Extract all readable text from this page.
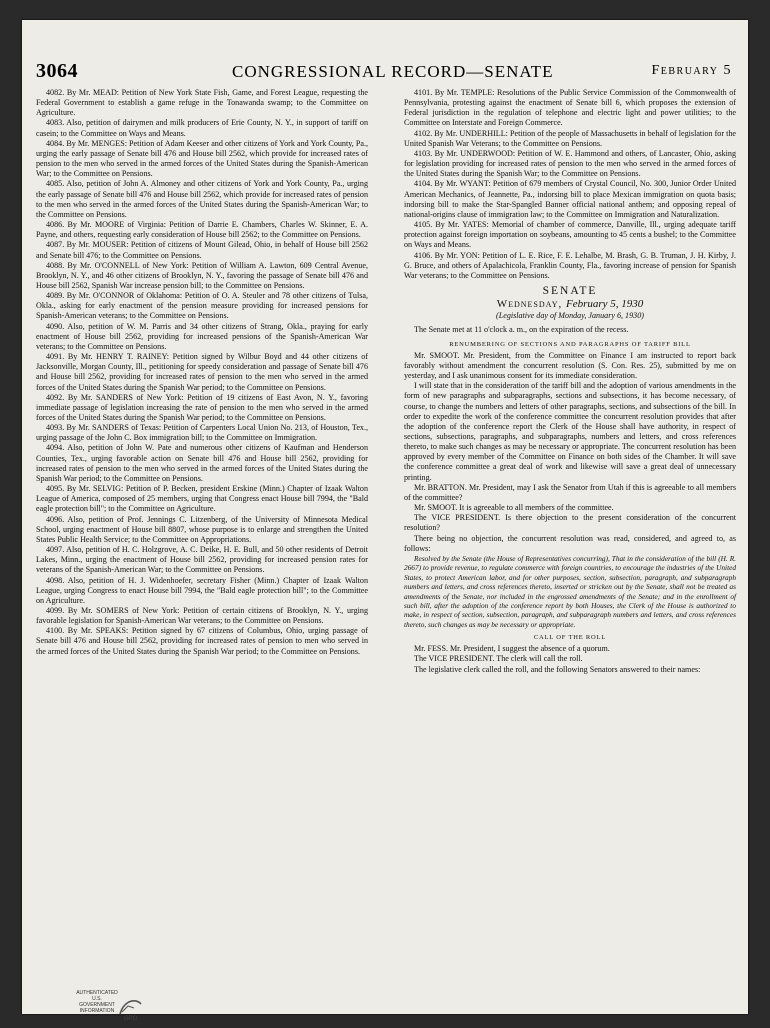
3064	CONGRESSIONAL RECORD—SENATE	February 5

4082. By Mr. MEAD: Petition of New York State Fish, Game, and Forest League, requesting the Federal Government to establish a game refuge in the Tonawanda swamp; to the Committee on Agriculture.

4083. Also, petition of dairymen and milk producers of Erie County, N. Y., in support of tariff on casein; to the Committee on Ways and Means.

4084. By Mr. MENGES: Petition of Adam Keeser and other citizens of York and York County, Pa., urging the early passage of Senate bill 476 and House bill 2562, which provide for increased rates of pension to the men who served in the armed forces of the United States during the Spanish-American War; to the Committee on Pensions.

4085. Also, petition of John A. Almoney and other citizens of York and York County, Pa., urging the early passage of Senate bill 476 and House bill 2562, which provide for increased rates of pension to the men who served in the armed forces of the United States during the Spanish-American War; to the Committee on Pensions.

4086. By Mr. MOORE of Virginia: Petition of Darrie E. Chambers, Charles W. Skinner, E. A. Payne, and others, requesting early consideration of House bill 2562; to the Committee on Pensions.

4087. By Mr. MOUSER: Petition of citizens of Mount Gilead, Ohio, in behalf of House bill 2562 and Senate bill 476; to the Committee on Pensions.

4088. By Mr. O'CONNELL of New York: Petition of William A. Lawton, 609 Central Avenue, Brooklyn, N. Y., and 46 other citizens of Brooklyn, N. Y., favoring the passage of Senate bill 476 and House bill 2562, Spanish War increase pension bill; to the Committee on Pensions.

4089. By Mr. O'CONNOR of Oklahoma: Petition of O. A. Steuler and 78 other citizens of Tulsa, Okla., asking for early enactment of the pension measure providing for increased pensions for Spanish-American veterans; to the Committee on Pensions.

4090. Also, petition of W. M. Parris and 34 other citizens of Strang, Okla., praying for early enactment of House bill 2562, providing for increased pensions of the Spanish-American War veterans; to the Committee on Pensions.

4091. By Mr. HENRY T. RAINEY: Petition signed by Wilbur Boyd and 44 other citizens of Jacksonville, Morgan County, Ill., petitioning for speedy consideration and passage of Senate bill 476 and House bill 2562, providing for increased rates of pension to the men who served in the armed forces of the United States during the Spanish War period; to the Committee on Pensions.

4092. By Mr. SANDERS of New York: Petition of 19 citizens of East Avon, N. Y., favoring immediate passage of legislation increasing the rate of pension to the men who served in the armed forces of the United States during the Spanish War period; to the Committee on Pensions.

4093. By Mr. SANDERS of Texas: Petition of Carpenters Local Union No. 213, of Houston, Tex., urging passage of the John C. Box immigration bill; to the Committee on Immigration.

4094. Also, petition of John W. Pate and numerous other citizens of Kaufman and Henderson Counties, Tex., urging favorable action on Senate bill 476 and House bill 2562, providing for increased rates of pension to the men who served in the armed forces of the United States during the Spanish War period; to the Committee on Pensions.

4095. By Mr. SELVIG: Petition of P. Becken, president Erskine (Minn.) Chapter of Izaak Walton League of America, composed of 25 members, urging that Congress enact House bill 7994, the "Bald eagle protection bill"; to the Committee on Agriculture.

4096. Also, petition of Prof. Jennings C. Litzenberg, of the University of Minnesota Medical School, urging enactment of House bill 8807, whose purpose is to enlarge and strengthen the United States Public Health Service; to the Committee on Appropriations.

4097. Also, petition of H. C. Holzgrove, A. C. Deike, H. E. Bull, and 50 other residents of Detroit Lakes, Minn., urging the enactment of House bill 2562, providing for increased pension rates for veterans of the Spanish-American War; to the Committee on Pensions.

4098. Also, petition of H. J. Widenhoefer, secretary Fisher (Minn.) Chapter of Izaak Walton League, urging Congress to enact House bill 7994, the "Bald eagle protection bill"; to the Committee on Agriculture.

4099. By Mr. SOMERS of New York: Petition of certain citizens of Brooklyn, N. Y., urging favorable legislation for Spanish-American War veterans; to the Committee on Pensions.

4100. By Mr. SPEAKS: Petition signed by 67 citizens of Columbus, Ohio, urging passage of Senate bill 476 and House bill 2562, providing for increased rates of pension to men who served in the armed forces of the United States during the Spanish War period; to the Committee on Pensions.

4101. By Mr. TEMPLE: Resolutions of the Public Service Commission of the Commonwealth of Pennsylvania, protesting against the enactment of Senate bill 6, which proposes the extension of Federal jurisdiction in the regulation of telephone and electric light and power utilities; to the Committee on Interstate and Foreign Commerce.

4102. By Mr. UNDERHILL: Petition of the people of Massachusetts in behalf of legislation for the United Spanish War Veterans; to the Committee on Pensions.

4103. By Mr. UNDERWOOD: Petition of W. E. Hammond and others, of Lancaster, Ohio, asking for legislation providing for increased rates of pension to the men who served in the armed forces of the United States during the Spanish War; to the Committee on Pensions.

4104. By Mr. WYANT: Petition of 679 members of Crystal Council, No. 300, Junior Order United American Mechanics, of Jeannette, Pa., indorsing bill to place Mexican immigration on quota basis; indorsing bill to make the Star-Spangled Banner official national anthem; and opposing repeal of national-origins clause of immigration law; to the Committee on Immigration and Naturalization.

4105. By Mr. YATES: Memorial of chamber of commerce, Danville, Ill., urging adequate tariff protection against foreign importation on soybeans, amounting to 45 cents a bushel; to the Committee on Ways and Means.

4106. By Mr. YON: Petition of L. E. Rice, F. E. Lehalbe, M. Brash, G. B. Truman, J. H. Kirby, J. G. Bruce, and others of Apalachicola, Franklin County, Fla., favoring increase of pension for Spanish War veterans; to the Committee on Pensions.

SENATE
Wednesday, February 5, 1930
(Legislative day of Monday, January 6, 1930)

The Senate met at 11 o'clock a. m., on the expiration of the recess.

RENUMBERING OF SECTIONS AND PARAGRAPHS OF TARIFF BILL

Mr. SMOOT. Mr. President, from the Committee on Finance I am instructed to report back favorably without amendment the concurrent resolution (S. Con. Res. 25), submitted by me on yesterday, and I ask unanimous consent for its immediate consideration.

I will state that in the consideration of the tariff bill and the adoption of various amendments in the form of new paragraphs and subparagraphs, sections and subsections, it has become necessary, of course, to change the numbers and letters of other paragraphs, sections, and subsections of the bill. In order to expedite the work of the conference committee the concurrent resolution provides that after the adoption of the conference report the Clerk of the House shall have authority, in respect of sections, subsections, paragraphs, and subparagraphs, numbers and letters, and cross references thereto, to make such changes as may be necessary or appropriate. The concurrent resolution has been approved by every member of the Committee on Finance on both sides of the Chamber. It will save the conference committee a great deal of work and likewise will save a great deal of unnecessary printing.

Mr. BRATTON. Mr. President, may I ask the Senator from Utah if this is agreeable to all members of the committee?

Mr. SMOOT. It is agreeable to all members of the committee.

The VICE PRESIDENT. Is there objection to the present consideration of the concurrent resolution?

There being no objection, the concurrent resolution was read, considered, and agreed to, as follows:

Resolved by the Senate (the House of Representatives concurring), That in the consideration of the bill (H. R. 2667) to provide revenue, to regulate commerce with foreign countries, to encourage the industries of the United States, to protect American labor, and for other purposes, section, subsection, paragraph, and subparagraph numbers and letters, and cross references thereto, inserted or stricken out by the Senate, shall not be treated as amendments of the Senate, nor included in the engrossed amendments of the Senate; and in the enrollment of such bill, after the adoption of the conference report by both Houses, the Clerk of the House is authorized to make, in respect of section, subsection, paragraph, and subparagraph numbers and letters, and cross references thereto, such changes as may be necessary or appropriate.

CALL OF THE ROLL

Mr. FESS. Mr. President, I suggest the absence of a quorum.

The VICE PRESIDENT. The clerk will call the roll.

The legislative clerk called the roll, and the following Senators answered to their names:

AUTHENTICATED U.S. GOVERNMENT INFORMATION
GPO
